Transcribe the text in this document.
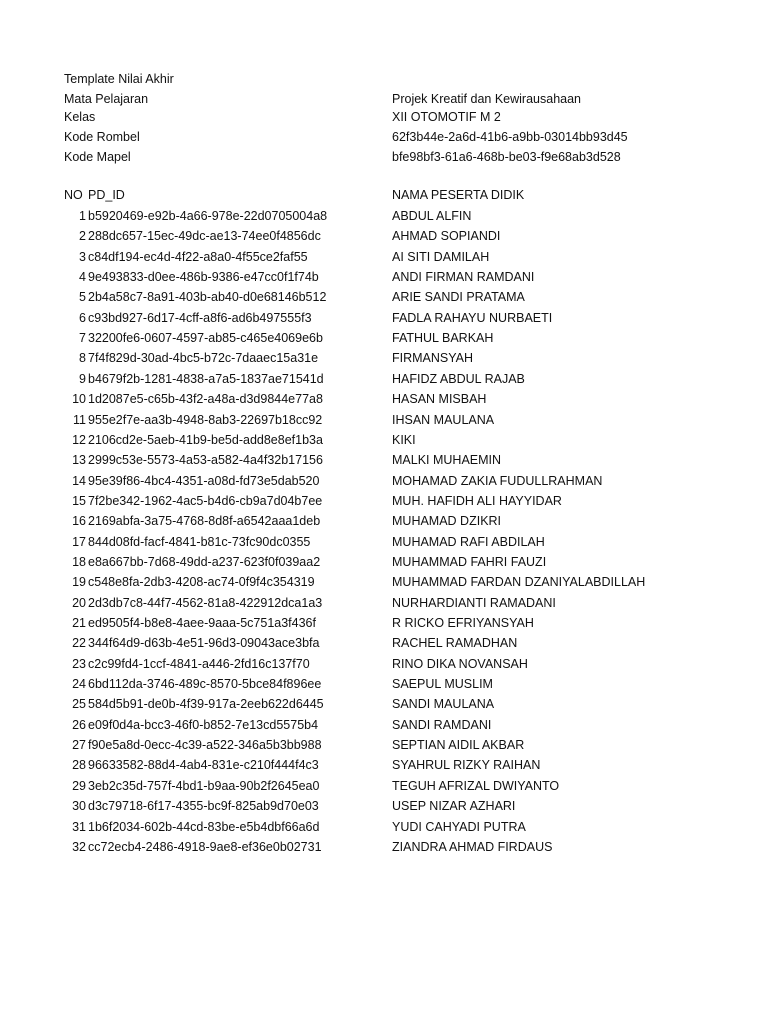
Template Nilai Akhir
Mata Pelajaran	Projek Kreatif dan Kewirausahaan
Kelas	XII OTOMOTIF M 2
Kode Rombel	62f3b44e-2a6d-41b6-a9bb-03014bb93d45
Kode Mapel	bfe98bf3-61a6-468b-be03-f9e68ab3d528
NO PD_ID	NAMA PESERTA DIDIK
1 b5920469-e92b-4a66-978e-22d0705004a8	ABDUL ALFIN
2 288dc657-15ec-49dc-ae13-74ee0f4856dc	AHMAD SOPIANDI
3 c84df194-ec4d-4f22-a8a0-4f55ce2faf55	AI SITI DAMILAH
4 9e493833-d0ee-486b-9386-e47cc0f1f74b	ANDI FIRMAN RAMDANI
5 2b4a58c7-8a91-403b-ab40-d0e68146b512	ARIE SANDI PRATAMA
6 c93bd927-6d17-4cff-a8f6-ad6b497555f3	FADLA RAHAYU NURBAETI
7 32200fe6-0607-4597-ab85-c465e4069e6b	FATHUL BARKAH
8 7f4f829d-30ad-4bc5-b72c-7daaec15a31e	FIRMANSYAH
9 b4679f2b-1281-4838-a7a5-1837ae71541d	HAFIDZ ABDUL RAJAB
10 1d2087e5-c65b-43f2-a48a-d3d9844e77a8	HASAN MISBAH
11 955e2f7e-aa3b-4948-8ab3-22697b18cc92	IHSAN MAULANA
12 2106cd2e-5aeb-41b9-be5d-add8e8ef1b3a	KIKI
13 2999c53e-5573-4a53-a582-4a4f32b17156	MALKI MUHAEMIN
14 95e39f86-4bc4-4351-a08d-fd73e5dab520	MOHAMAD ZAKIA FUDULLRAHMAN
15 7f2be342-1962-4ac5-b4d6-cb9a7d04b7ee	MUH. HAFIDH ALI HAYYIDAR
16 2169abfa-3a75-4768-8d8f-a6542aaa1deb	MUHAMAD DZIKRI
17 844d08fd-facf-4841-b81c-73fc90dc0355	MUHAMAD RAFI ABDILAH
18 e8a667bb-7d68-49dd-a237-623f0f039aa2	MUHAMMAD FAHRI FAUZI
19 c548e8fa-2db3-4208-ac74-0f9f4c354319	MUHAMMAD FARDAN DZANIYALABDILLAH
20 2d3db7c8-44f7-4562-81a8-422912dca1a3	NURHARDIANTI RAMADANI
21 ed9505f4-b8e8-4aee-9aaa-5c751a3f436f	R RICKO EFRIYANSYAH
22 344f64d9-d63b-4e51-96d3-09043ace3bfa	RACHEL RAMADHAN
23 c2c99fd4-1ccf-4841-a446-2fd16c137f70	RINO DIKA NOVANSAH
24 6bd112da-3746-489c-8570-5bce84f896ee	SAEPUL MUSLIM
25 584d5b91-de0b-4f39-917a-2eeb622d6445	SANDI MAULANA
26 e09f0d4a-bcc3-46f0-b852-7e13cd5575b4	SANDI RAMDANI
27 f90e5a8d-0ecc-4c39-a522-346a5b3bb988	SEPTIAN AIDIL AKBAR
28 96633582-88d4-4ab4-831e-c210f444f4c3	SYAHRUL RIZKY RAIHAN
29 3eb2c35d-757f-4bd1-b9aa-90b2f2645ea0	TEGUH AFRIZAL DWIYANTO
30 d3c79718-6f17-4355-bc9f-825ab9d70e03	USEP NIZAR AZHARI
31 1b6f2034-602b-44cd-83be-e5b4dbf66a6d	YUDI CAHYADI PUTRA
32 cc72ecb4-2486-4918-9ae8-ef36e0b02731	ZIANDRA AHMAD FIRDAUS
